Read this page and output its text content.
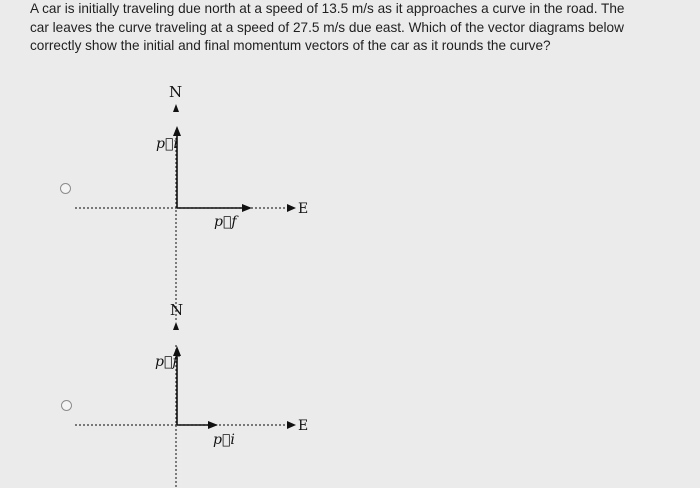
A car is initially traveling due north at a speed of 13.5 m/s as it approaches a curve in the road. The
car leaves the curve traveling at a speed of 27.5 m/s due east. Which of the vector diagrams below
correctly show the initial and final momentum vectors of the car as it rounds the curve?

N
E
p⃗i
p⃗f
N
E
p⃗f
p⃗i
